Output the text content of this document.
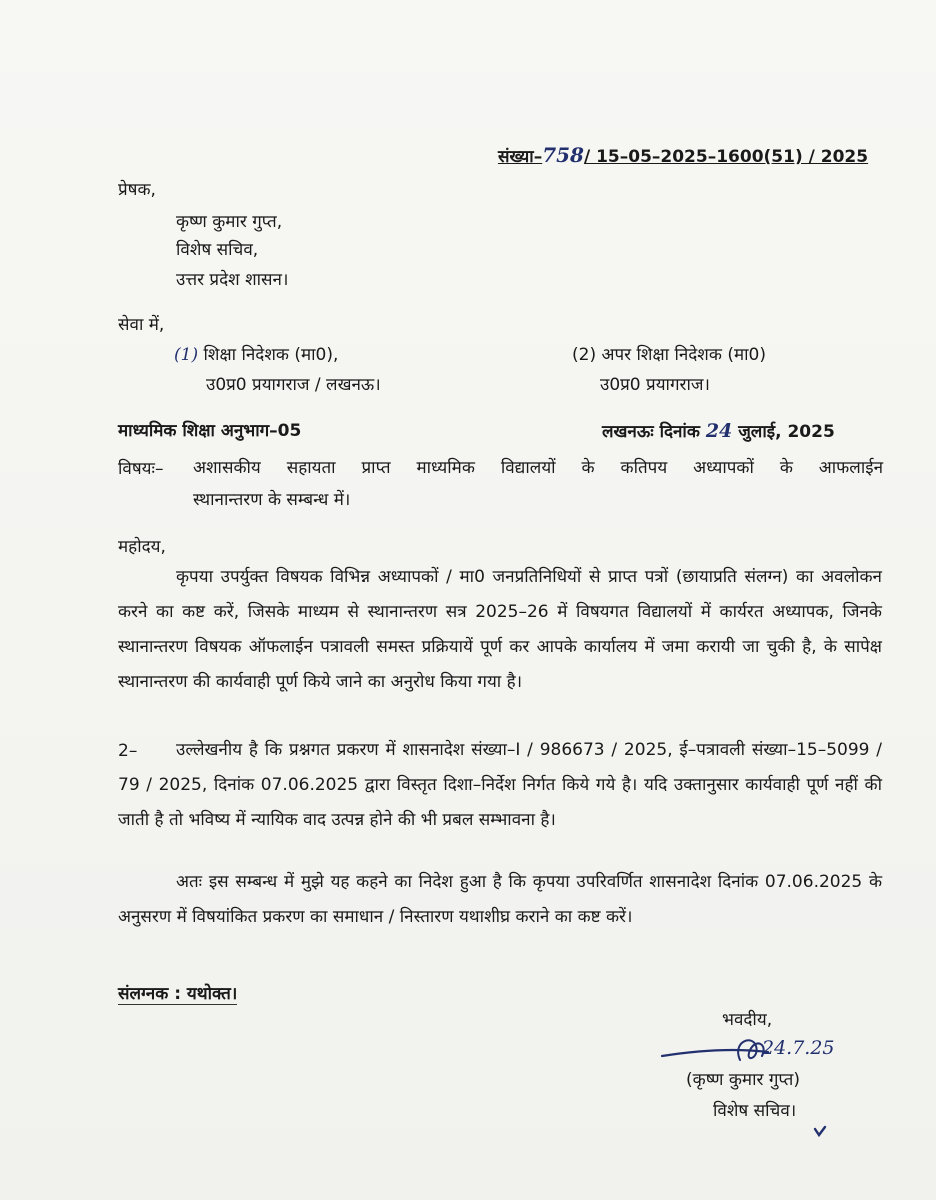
संख्या–758/ 15–05–2025–1600(51) / 2025
प्रेषक,
कृष्ण कुमार गुप्त,
विशेष सचिव,
उत्तर प्रदेश शासन।
सेवा में,
(1) शिक्षा निदेशक (मा0),
उ0प्र0 प्रयागराज / लखनऊ।
(2) अपर शिक्षा निदेशक (मा0)
उ0प्र0 प्रयागराज।
माध्यमिक शिक्षा अनुभाग–05	लखनऊः दिनांक 24 जुलाई, 2025
विषयः– अशासकीय सहायता प्राप्त माध्यमिक विद्यालयों के कतिपय अध्यापकों के आफलाईन
स्थानान्तरण के सम्बन्ध में।
महोदय,
कृपया उपर्युक्त विषयक विभिन्न अध्यापकों / मा0 जनप्रतिनिधियों से प्राप्त पत्रों (छायाप्रति संलग्न) का अवलोकन करने का कष्ट करें, जिसके माध्यम से स्थानान्तरण सत्र 2025–26 में विषयगत विद्यालयों में कार्यरत अध्यापक, जिनके स्थानान्तरण विषयक ऑफलाईन पत्रावली समस्त प्रक्रियायें पूर्ण कर आपके कार्यालय में जमा करायी जा चुकी है, के सापेक्ष स्थानान्तरण की कार्यवाही पूर्ण किये जाने का अनुरोध किया गया है।
2–	उल्लेखनीय है कि प्रश्नगत प्रकरण में शासनादेश संख्या–I / 986673 / 2025, ई–पत्रावली संख्या–15–5099 / 79 / 2025, दिनांक 07.06.2025 द्वारा विस्तृत दिशा–निर्देश निर्गत किये गये है। यदि उक्तानुसार कार्यवाही पूर्ण नहीं की जाती है तो भविष्य में न्यायिक वाद उत्पन्न होने की भी प्रबल सम्भावना है।
अतः इस सम्बन्ध में मुझे यह कहने का निदेश हुआ है कि कृपया उपरिवर्णित शासनादेश दिनांक 07.06.2025 के अनुसरण में विषयांकित प्रकरण का समाधान / निस्तारण यथाशीघ्र कराने का कष्ट करें।
संलग्नक : यथोक्त।
भवदीय,
24.7.25
(कृष्ण कुमार गुप्त)
विशेष सचिव।
